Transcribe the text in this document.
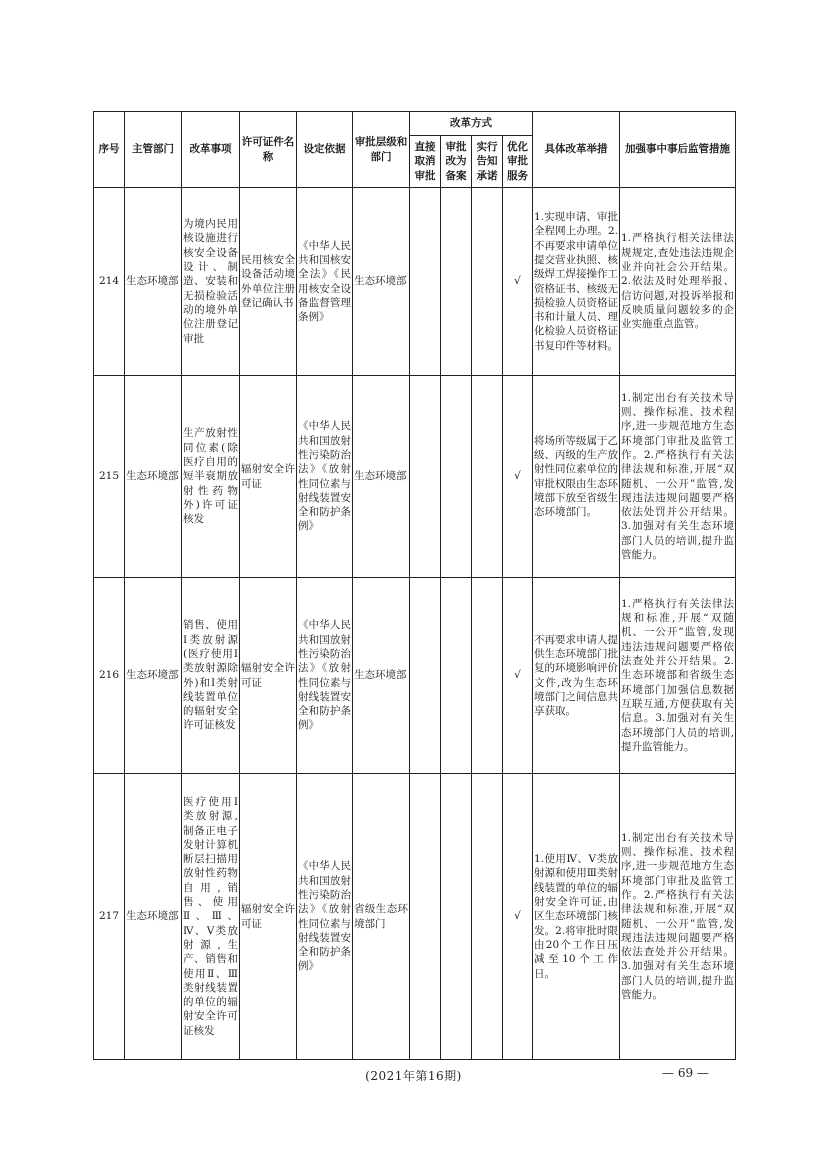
序号	主管部门	改革事项	许可证件名称	设定依据	审批层级和部门	改革方式				具体改革举措	加强事中事后监管措施
						直接取消审批	审批改为备案	实行告知承诺	优化审批服务		
214	生态环境部	为境内民用核设施进行核安全设备设计、制造、安装和无损检验活动的境外单位注册登记审批	民用核安全设备活动境外单位注册登记确认书	《中华人民共和国核安全法》《民用核安全设备监督管理条例》	生态环境部				√	1.实现申请、审批全程网上办理。2.不再要求申请单位提交营业执照、核级焊工焊接操作工资格证书、核级无损检验人员资格证书和计量人员、理化检验人员资格证书复印件等材料。	1.严格执行相关法律法规规定,查处违法违规企业并向社会公开结果。2.依法及时处理举报、信访问题,对投诉举报和反映质量问题较多的企业实施重点监管。
215	生态环境部	生产放射性同位素(除医疗自用的短半衰期放射性药物外)许可证核发	辐射安全许可证	《中华人民共和国放射性污染防治法》《放射性同位素与射线装置安全和防护条例》	生态环境部				√	将场所等级属于乙级、丙级的生产放射性同位素单位的审批权限由生态环境部下放至省级生态环境部门。	1.制定出台有关技术导则、操作标准、技术程序,进一步规范地方生态环境部门审批及监管工作。2.严格执行有关法律法规和标准,开展“双随机、一公开”监管,发现违法违规问题要严格依法处罚并公开结果。3.加强对有关生态环境部门人员的培训,提升监管能力。
216	生态环境部	销售、使用Ⅰ类放射源(医疗使用Ⅰ类放射源除外)和Ⅰ类射线装置单位的辐射安全许可证核发	辐射安全许可证	《中华人民共和国放射性污染防治法》《放射性同位素与射线装置安全和防护条例》	生态环境部				√	不再要求申请人提供生态环境部门批复的环境影响评价文件,改为生态环境部门之间信息共享获取。	1.严格执行有关法律法规和标准,开展“双随机、一公开”监管,发现违法违规问题要严格依法查处并公开结果。2.生态环境部和省级生态环境部门加强信息数据互联互通,方便获取有关信息。3.加强对有关生态环境部门人员的培训,提升监管能力。
217	生态环境部	医疗使用Ⅰ类放射源,制备正电子发射计算机断层扫描用放射性药物自用,销售、使用Ⅱ、Ⅲ、Ⅳ、Ⅴ类放射源,生产、销售和使用Ⅱ、Ⅲ类射线装置的单位的辐射安全许可证核发	辐射安全许可证	《中华人民共和国放射性污染防治法》《放射性同位素与射线装置安全和防护条例》	省级生态环境部门				√	1.使用Ⅳ、Ⅴ类放射源和使用Ⅲ类射线装置的单位的辐射安全许可证,由区生态环境部门核发。2.将审批时限由20个工作日压减至10个工作日。	1.制定出台有关技术导则、操作标准、技术程序,进一步规范地方生态环境部门审批及监管工作。2.严格执行有关法律法规和标准,开展“双随机、一公开”监管,发现违法违规问题要严格依法查处并公开结果。3.加强对有关生态环境部门人员的培训,提升监管能力。
(2021年第16期)	— 69 —
